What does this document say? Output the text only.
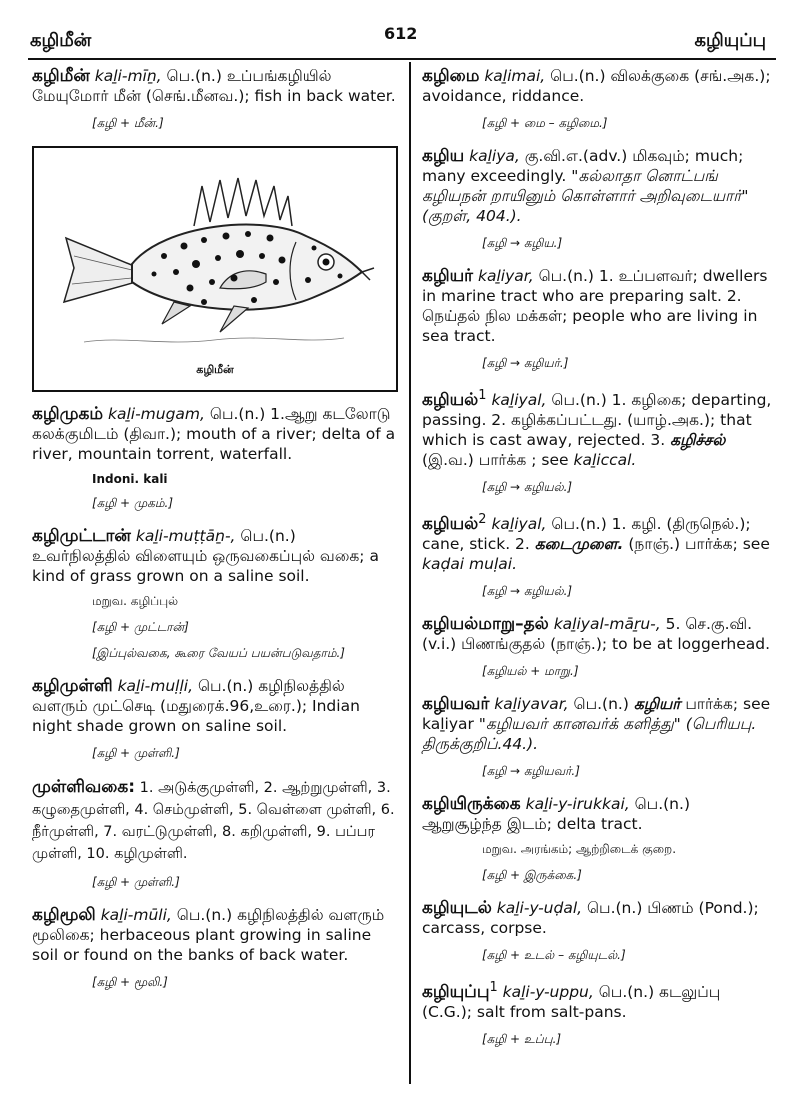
கழிமீன்	612	கழியுப்பு

கழிமீன் kaḻi-mīṉ, பெ.(n.) உப்பங்கழியில் மேயுமோர் மீன் (செங்.மீனவ.); fish in back water.

[கழி + மீன்.]
கழிமீன்

கழிமுகம் kaḻi-mugam, பெ.(n.) 1.ஆறு கடலோடு கலக்குமிடம் (திவா.); mouth of a river; delta of a river, mountain torrent, waterfall.

Indoni. kali
[கழி + முகம்.]

கழிமுட்டான் kaḻi-muṭṭāṉ-, பெ.(n.) உவர்நிலத்தில் விளையும் ஒருவகைப்புல் வகை; a kind of grass grown on a saline soil.

மறுவ. கழிப்புல்
[கழி + முட்டான்]
[இப்புல்வகை, கூரை வேயப் பயன்படுவதாம்.]

கழிமுள்ளி kaḻi-muḷḷi, பெ.(n.) கழிநிலத்தில் வளரும் முட்செடி (மதுரைக்.96,உரை.); Indian night shade grown on saline soil.

[கழி + முள்ளி.]

முள்ளிவகை: 1. அடுக்குமுள்ளி, 2. ஆற்றுமுள்ளி, 3. கழுதைமுள்ளி, 4. செம்முள்ளி, 5. வெள்ளை முள்ளி, 6. நீர்முள்ளி, 7. வரட்டுமுள்ளி, 8. கறிமுள்ளி, 9. பப்பர முள்ளி, 10. கழிமுள்ளி.

[கழி + முள்ளி.]

கழிமூலி kaḻi-mūli, பெ.(n.) கழிநிலத்தில் வளரும் மூலிகை; herbaceous plant growing in saline soil or found on the banks of back water.

[கழி + மூலி.]

கழிமை kaḻimai, பெ.(n.) விலக்குகை (சங்.அக.); avoidance, riddance.

[கழி + மை – கழிமை.]

கழிய kaḻiya, கு.வி.எ.(adv.) மிகவும்; much; many exceedingly. "கல்லாதா னொட்பங் கழியநன் றாயினும் கொள்ளார் அறிவுடையார்" (குறள், 404.).

[கழி → கழிய.]

கழியர் kaḻiyar, பெ.(n.) 1. உப்பளவர்; dwellers in marine tract who are preparing salt. 2. நெய்தல் நில மக்கள்; people who are living in sea tract.

[கழி → கழியர்.]

கழியல்$^1$ kaḻiyal, பெ.(n.) 1. கழிகை; departing, passing. 2. கழிக்கப்பட்டது. (யாழ்.அக.); that which is cast away, rejected. 3. கழிச்சல் (இ.வ.) பார்க்க ; see kaḻiccal.

[கழி → கழியல்.]

கழியல்$^2$ kaḻiyal, பெ.(n.) 1. கழி. (திருநெல்.); cane, stick. 2. கடைமுளை. (நாஞ்.) பார்க்க; see kaḍai muḷai.

[கழி → கழியல்.]

கழியல்மாறு–தல் kaḻiyal-māṟu-, 5. செ.கு.வி.(v.i.) பிணங்குதல் (நாஞ்.); to be at loggerhead.

[கழியல் + மாறு.]

கழியவர் kaḻiyavar, பெ.(n.) கழியர் பார்க்க; see kaḻiyar "கழியவர் கானவர்க் களித்து" (பெரியபு. திருக்குறிப்.44.).

[கழி → கழியவர்.]

கழியிருக்கை kaḻi-y-irukkai, பெ.(n.) ஆறுசூழ்ந்த இடம்; delta tract.

மறுவ. அரங்கம்; ஆற்றிடைக் குறை.
[கழி + இருக்கை.]

கழியுடல் kaḻi-y-uḍal, பெ.(n.) பிணம் (Pond.); carcass, corpse.

[கழி + உடல் – கழியுடல்.]

கழியுப்பு$^1$ kaḻi-y-uppu, பெ.(n.) கடலுப்பு (C.G.); salt from salt-pans.

[கழி + உப்பு.]
